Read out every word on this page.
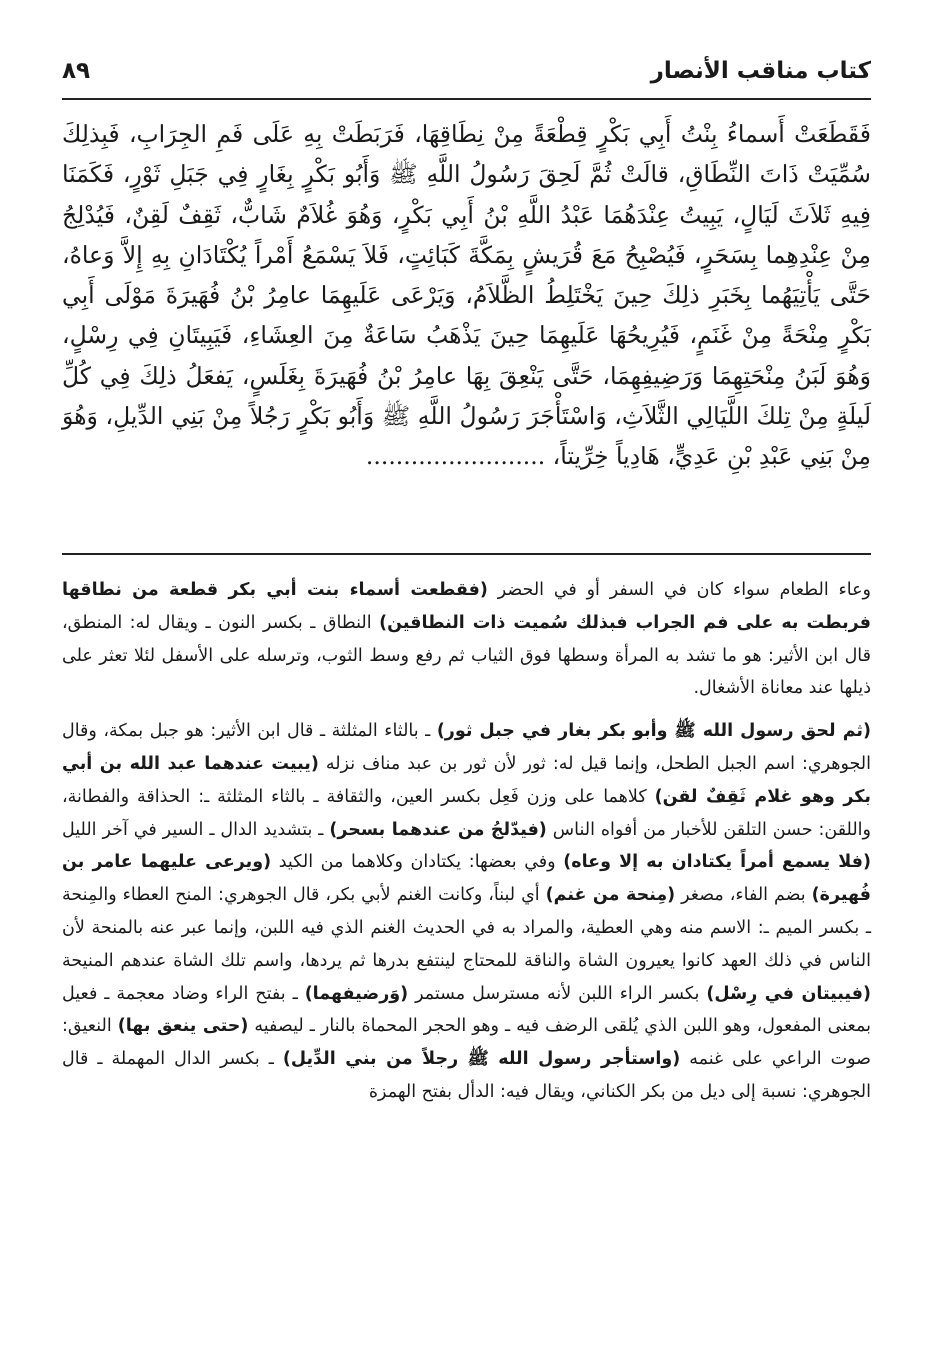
كتاب مناقب الأنصار
٨٩
فَقَطَعَتْ أَسماءُ بِنْتُ أَبِي بَكْرٍ قِطْعَةً مِنْ نِطَاقِهَا، فَرَبَطَتْ بِهِ عَلَى فَمِ الجِرَابِ، فَبِذلِكَ سُمِّيَتْ ذَاتَ النِّطَاقِ، قالَتْ ثُمَّ لَحِقَ رَسُولُ اللَّهِ ﷺ وَأَبُو بَكْرٍ بِغَارٍ فِي جَبَلِ ثَوْرٍ، فَكَمَنَا فِيهِ ثَلاَثَ لَيَالٍ، يَبِيتُ عِنْدَهُمَا عَبْدُ اللَّهِ بْنُ أَبِي بَكْرٍ، وَهُوَ غُلاَمٌ شَابٌّ، ثَقِفٌ لَقِنٌ، فَيُدْلِجُ مِنْ عِنْدِهِما بِسَحَرٍ، فَيُصْبِحُ مَعَ قُرَيشٍ بِمَكَّةَ كَبَائِتٍ، فَلاَ يَسْمَعُ أَمْراً يُكْتَادَانِ بِهِ إِلاَّ وَعاهُ، حَتَّى يَأْتِيَهُما بِخَبَرِ ذلِكَ حِينَ يَخْتَلِطُ الظَّلاَمُ، وَيَرْعَى عَلَيهِمَا عامِرُ بْنُ فُهَيرَةَ مَوْلَى أَبِي بَكْرٍ مِنْحَةً مِنْ غَنَمٍ، فَيُرِيحُهَا عَلَيهِمَا حِينَ يَذْهَبُ سَاعَةٌ مِنَ العِشَاءِ، فَيَبِيتَانِ فِي رِسْلٍ، وَهُوَ لَبَنُ مِنْحَتِهِمَا وَرَضِيفِهِمَا، حَتَّى يَنْعِقَ بِهَا عامِرُ بْنُ فُهَيرَةَ بِغَلَسٍ، يَفعَلُ ذلِكَ فِي كُلِّ لَيلَةٍ مِنْ تِلكَ اللَّيَالِي الثَّلاَثِ، وَاسْتَأْجَرَ رَسُولُ اللَّهِ ﷺ وَأَبُو بَكْرٍ رَجُلاً مِنْ بَنِي الدِّيلِ، وَهُوَ مِنْ بَنِي عَبْدِ بْنِ عَدِيٍّ، هَادِياً خِرِّيتاً، ........................

وعاء الطعام سواء كان في السفر أو في الحضر (فقطعت أسماء بنت أبي بكر قطعة من نطاقها فربطت به على فم الجراب فبذلك سُميت ذات النطاقين) النطاق ـ بكسر النون ـ ويقال له: المنطق، قال ابن الأثير: هو ما تشد به المرأة وسطها فوق الثياب ثم رفع وسط الثوب، وترسله على الأسفل لئلا تعثر على ذيلها عند معاناة الأشغال.

(ثم لحق رسول الله ﷺ وأبو بكر بغار في جبل ثور) ـ بالثاء المثلثة ـ قال ابن الأثير: هو جبل بمكة، وقال الجوهري: اسم الجبل الطحل، وإنما قيل له: ثور لأن ثور بن عبد مناف نزله (يبيت عندهما عبد الله بن أبي بكر وهو غلام ثَقِفٌ لقن) كلاهما على وزن فَعِل بكسر العين، والثقافة ـ بالثاء المثلثة ـ: الحذاقة والفطانة، واللقن: حسن التلقن للأخبار من أفواه الناس (فيدّلجُ من عندهما بسحر) ـ بتشديد الدال ـ السير في آخر الليل (فلا يسمع أمراً يكتادان به إلا وعاه) وفي بعضها: يكتادان وكلاهما من الكيد (ويرعى عليهما عامر بن فُهيرة) بضم الفاء، مصغر (مِنحة من غنم) أي لبناً، وكانت الغنم لأبي بكر، قال الجوهري: المنح العطاء والمِنحة ـ بكسر الميم ـ: الاسم منه وهي العطية، والمراد به في الحديث الغنم الذي فيه اللبن، وإنما عبر عنه بالمنحة لأن الناس في ذلك العهد كانوا يعيرون الشاة والناقة للمحتاج لينتفع بدرها ثم يردها، واسم تلك الشاة عندهم المنيحة (فيبيتان في رِسْل) بكسر الراء اللبن لأنه مسترسل مستمر (وَرضيفهما) ـ بفتح الراء وضاد معجمة ـ فعيل بمعنى المفعول، وهو اللبن الذي يُلقى الرضف فيه ـ وهو الحجر المحماة بالنار ـ ليصفيه (حتى ينعق بها) النعيق: صوت الراعي على غنمه (واستأجر رسول الله ﷺ رجلاً من بني الدِّيل) ـ بكسر الدال المهملة ـ قال الجوهري: نسبة إلى ديل من بكر الكناني، ويقال فيه: الدأل بفتح الهمزة
